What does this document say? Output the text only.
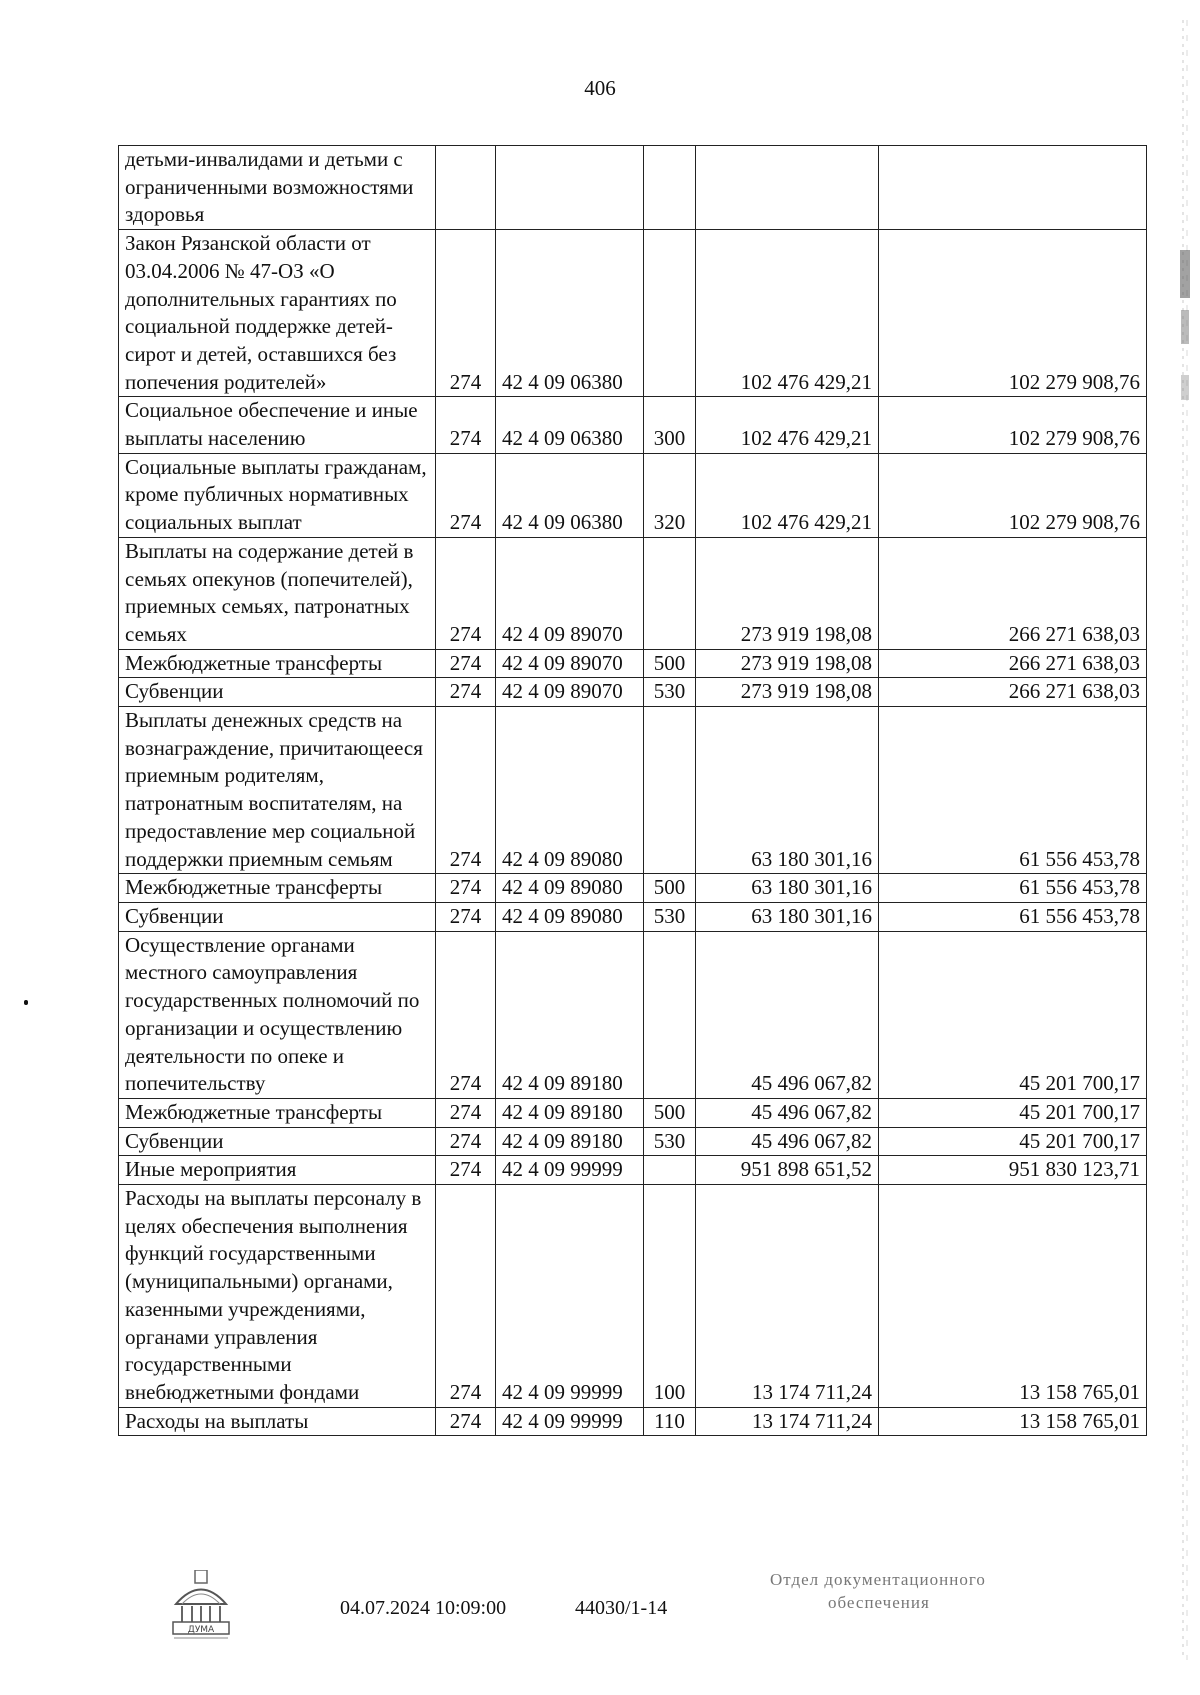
406
детьми-инвалидами и детьми с ограниченными возможностями здоровья					
Закон Рязанской области от 03.04.2006 № 47-ОЗ «О дополнительных гарантиях по социальной поддержке детей-сирот и детей, оставшихся без попечения родителей»	274	42 4 09 06380		102 476 429,21	102 279 908,76
Социальное обеспечение и иные выплаты населению	274	42 4 09 06380	300	102 476 429,21	102 279 908,76
Социальные выплаты гражданам, кроме публичных нормативных социальных выплат	274	42 4 09 06380	320	102 476 429,21	102 279 908,76
Выплаты на содержание детей в семьях опекунов (попечителей), приемных семьях, патронатных семьях	274	42 4 09 89070		273 919 198,08	266 271 638,03
Межбюджетные трансферты	274	42 4 09 89070	500	273 919 198,08	266 271 638,03
Субвенции	274	42 4 09 89070	530	273 919 198,08	266 271 638,03
Выплаты денежных средств на вознаграждение, причитающееся приемным родителям, патронатным воспитателям, на предоставление мер социальной поддержки приемным семьям	274	42 4 09 89080		63 180 301,16	61 556 453,78
Межбюджетные трансферты	274	42 4 09 89080	500	63 180 301,16	61 556 453,78
Субвенции	274	42 4 09 89080	530	63 180 301,16	61 556 453,78
Осуществление органами местного самоуправления государственных полномочий по организации и осуществлению деятельности по опеке и попечительству	274	42 4 09 89180		45 496 067,82	45 201 700,17
Межбюджетные трансферты	274	42 4 09 89180	500	45 496 067,82	45 201 700,17
Субвенции	274	42 4 09 89180	530	45 496 067,82	45 201 700,17
Иные мероприятия	274	42 4 09 99999		951 898 651,52	951 830 123,71
Расходы на выплаты персоналу в целях обеспечения выполнения функций государственными (муниципальными) органами, казенными учреждениями, органами управления государственными внебюджетными фондами	274	42 4 09 99999	100	13 174 711,24	13 158 765,01
Расходы на выплаты	274	42 4 09 99999	110	13 174 711,24	13 158 765,01
ДУМА
04.07.2024 10:09:00	44030/1-14
Отдел документационного
обеспечения
